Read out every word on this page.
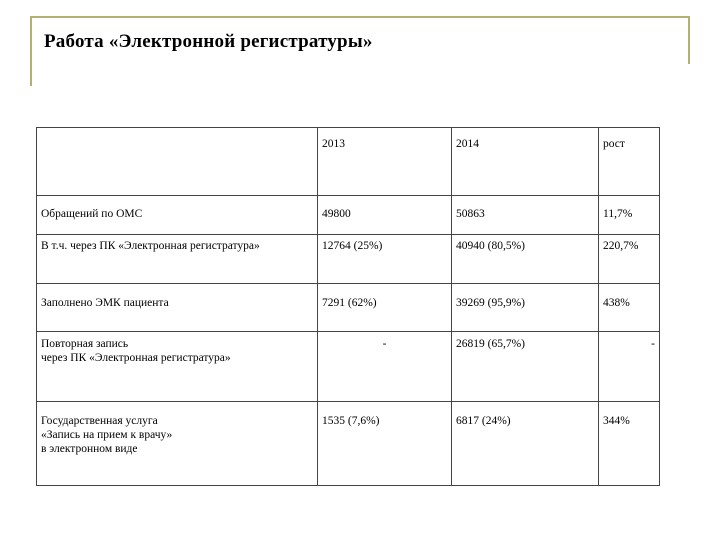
Работа «Электронной регистратуры»
	2013	2014	рост
Обращений по ОМС	49800	50863	11,7%
В т.ч. через ПК «Электронная регистратура»	12764 (25%)	40940 (80,5%)	220,7%
Заполнено ЭМК пациента	7291 (62%)	39269 (95,9%)	438%
Повторная запись
через ПК «Электронная регистратура»	-	26819 (65,7%)	-
Государственная услуга
«Запись на прием к врачу»
в электронном виде	1535 (7,6%)	6817 (24%)	344%
